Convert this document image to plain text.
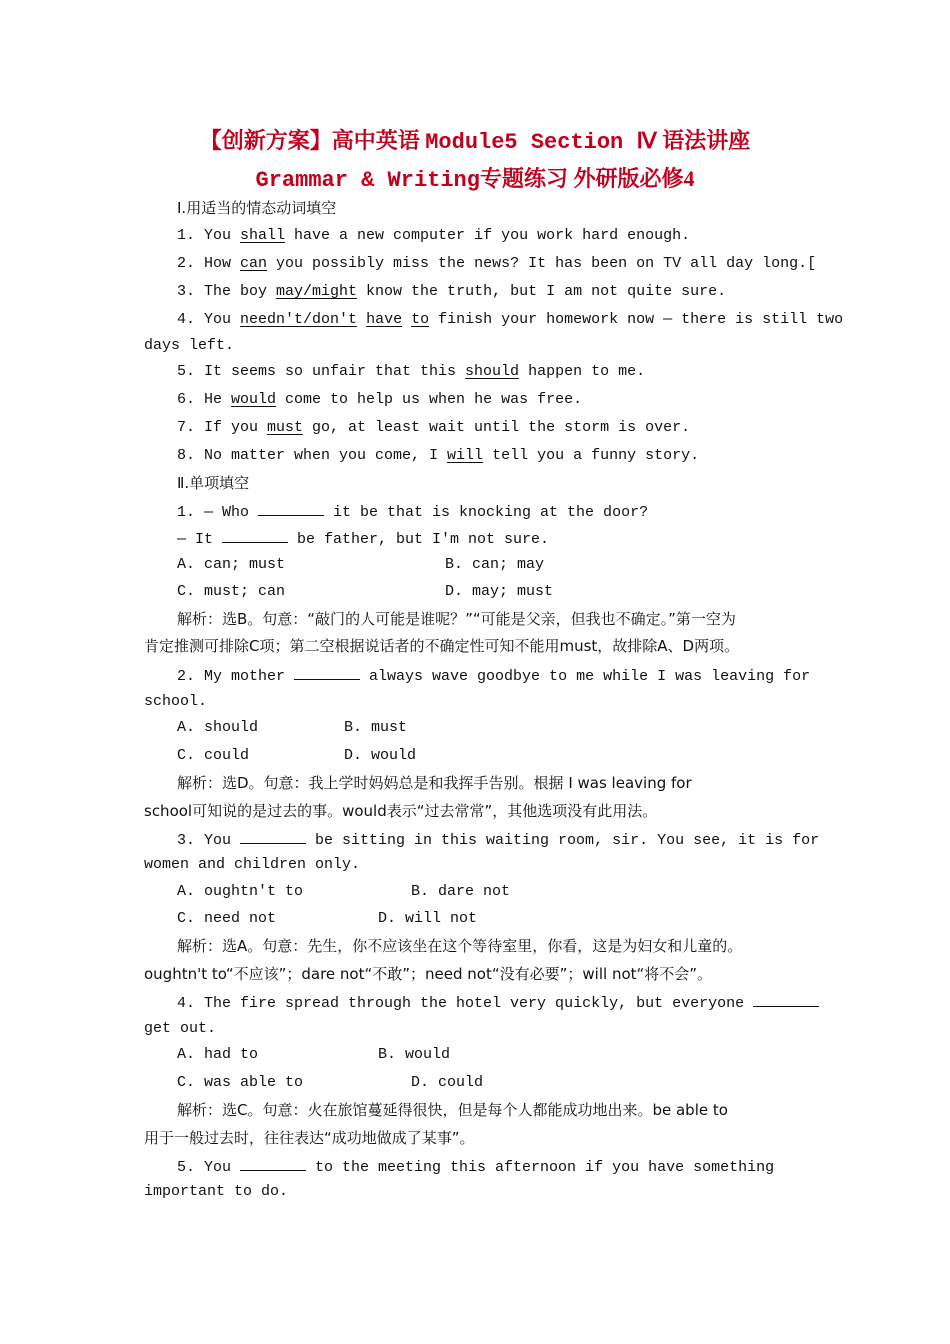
【创新方案】高中英语 Module5 Section Ⅳ 语法讲座
Grammar & Writing专题练习 外研版必修4
Ⅰ.用适当的情态动词填空
1. You shall have a new computer if you work hard enough.
2. How can you possibly miss the news? It has been on TV all day long.[
3. The boy may/might know the truth, but I am not quite sure.
4. You needn't/don't have to finish your homework now — there is still two
days left.
5. It seems so unfair that this should happen to me.
6. He would come to help us when he was free.
7. If you must go, at least wait until the storm is over.
8. No matter when you come, I will tell you a funny story.
Ⅱ.单项填空
1. — Who	it be that is knocking at the door?
— It	be father, but I'm not sure.
A. can; must	B. can; may
C. must; can	D. may; must
解析：选B。句意：“敲门的人可能是谁呢？”“可能是父亲，但我也不确定。”第一空为
肯定推测可排除C项；第二空根据说话者的不确定性可知不能用must，故排除A、D两项。
2. My mother	always wave goodbye to me while I was leaving for
school.
A. should	B. must
C. could	D. would
解析：选D。句意：我上学时妈妈总是和我挥手告别。根据 I was leaving for
school可知说的是过去的事。would表示“过去常常”，其他选项没有此用法。
3. You	be sitting in this waiting room, sir. You see, it is for
women and children only.
A. oughtn't to	B. dare not
C. need not	D. will not
解析：选A。句意：先生，你不应该坐在这个等待室里，你看，这是为妇女和儿童的。
oughtn't to“不应该”；dare not“不敢”；need not“没有必要”；will not“将不会”。
4. The fire spread through the hotel very quickly, but everyone
get out.
A. had to	B. would
C. was able to	D. could
解析：选C。句意：火在旅馆蔓延得很快，但是每个人都能成功地出来。be able to
用于一般过去时，往往表达“成功地做成了某事”。
5. You	to the meeting this afternoon if you have something
important to do.
